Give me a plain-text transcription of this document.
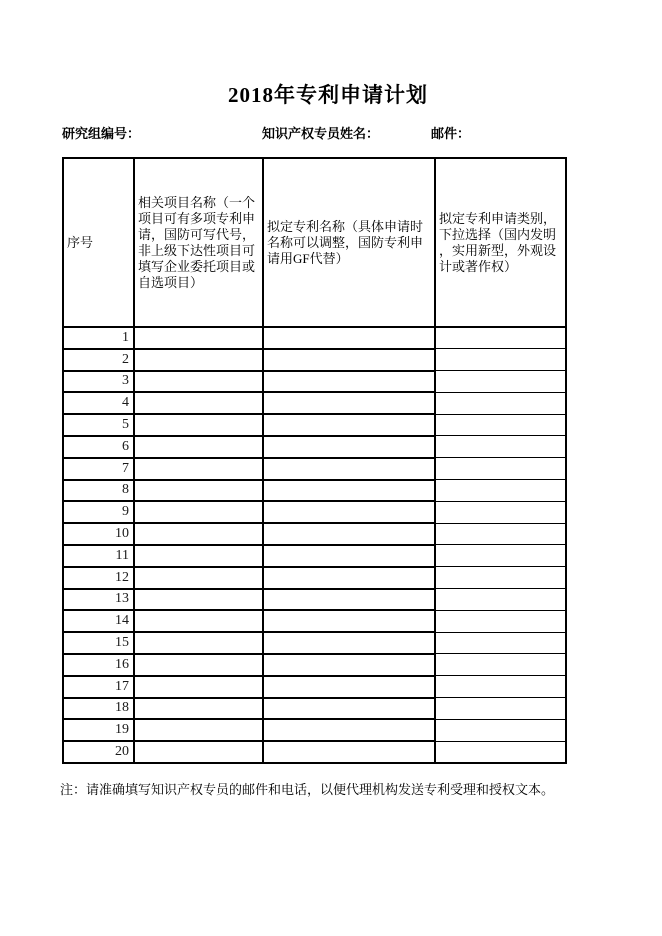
2018年专利申请计划
研究组编号：	知识产权专员姓名：	邮件：
序号	相关项目名称（一个项目可有多项专利申请，国防可写代号，非上级下达性项目可填写企业委托项目或自选项目）	拟定专利名称（具体申请时名称可以调整，国防专利申请用GF代替）	拟定专利申请类别，下拉选择（国内发明，实用新型，外观设计或著作权）
1			
2			
3			
4			
5			
6			
7			
8			
9			
10			
11			
12			
13			
14			
15			
16			
17			
18			
19			
20			

注：请准确填写知识产权专员的邮件和电话，以便代理机构发送专利受理和授权文本。
